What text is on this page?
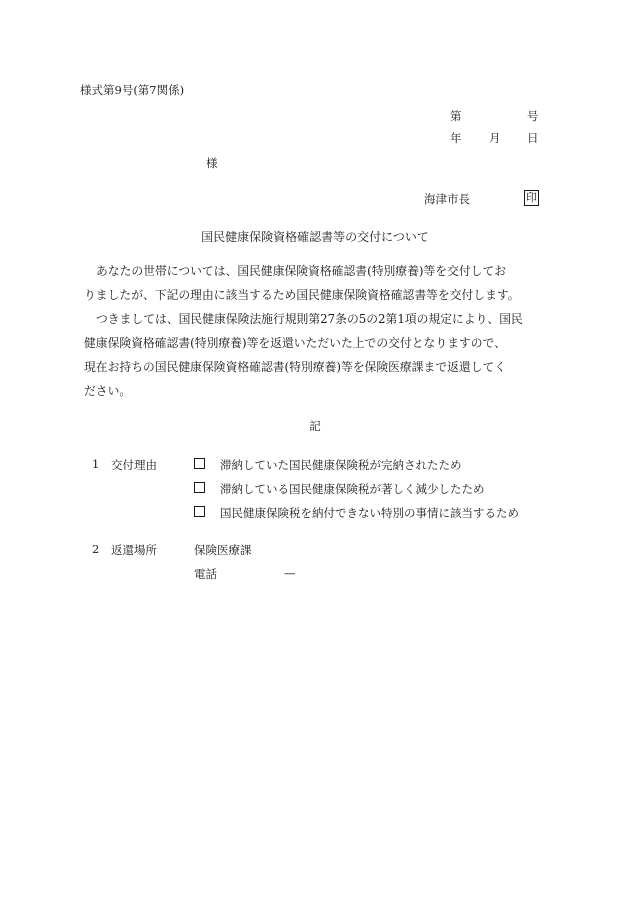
様式第9号(第7関係)
第	号
年 月 日
様
海津市長	印
国民健康保険資格確認書等の交付について
あなたの世帯については、国民健康保険資格確認書(特別療養)等を交付してお
りましたが、下記の理由に該当するため国民健康保険資格確認書等を交付します。
つきましては、国民健康保険法施行規則第27条の5の2第1項の規定により、国民
健康保険資格確認書(特別療養)等を返還いただいた上での交付となりますので、
現在お持ちの国民健康保険資格確認書(特別療養)等を保険医療課まで返還してく
ださい。
記
1 交付理由	滞納していた国民健康保険税が完納されたため
滞納している国民健康保険税が著しく減少したため
国民健康保険税を納付できない特別の事情に該当するため
2 返還場所	保険医療課
電話	—
